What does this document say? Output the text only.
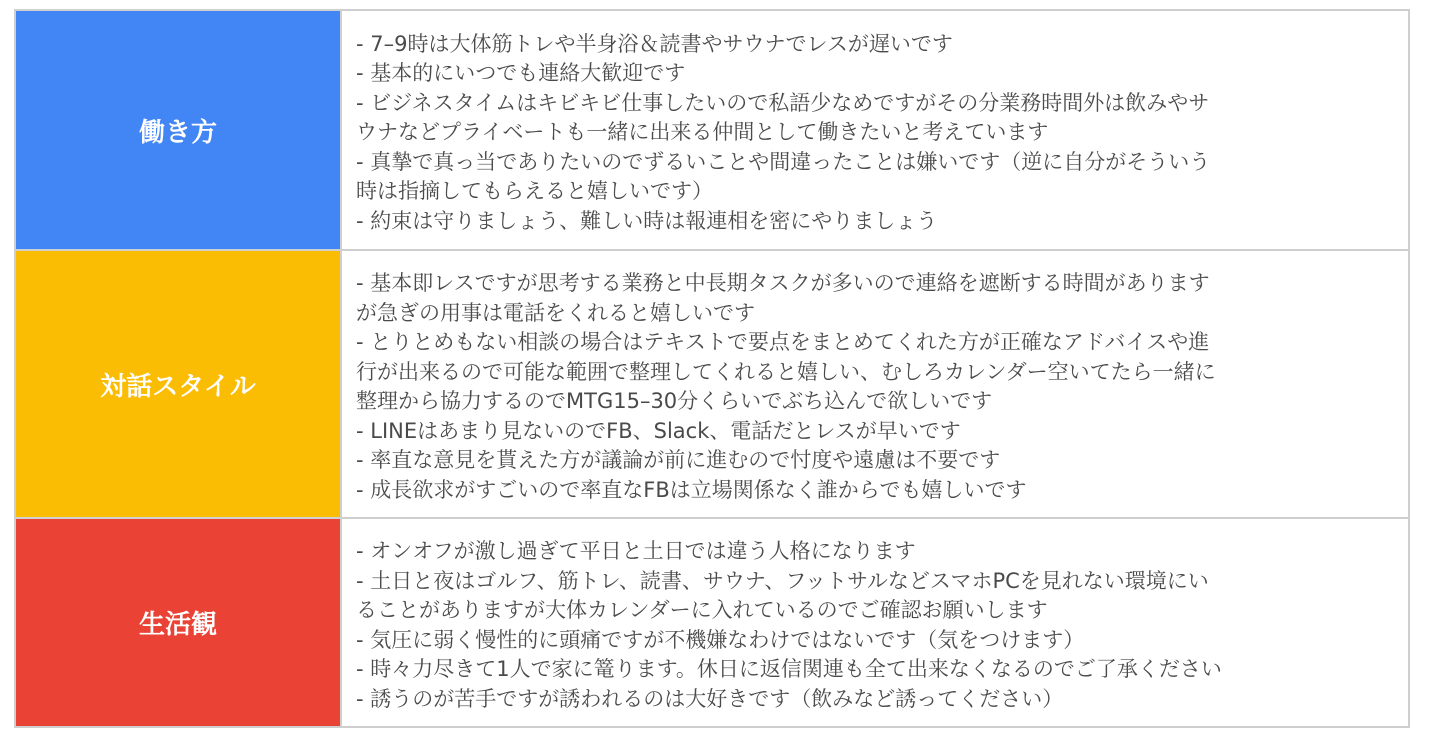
働き方
- 7–9時は大体筋トレや半身浴＆読書やサウナでレスが遅いです
- 基本的にいつでも連絡大歓迎です
- ビジネスタイムはキビキビ仕事したいので私語少なめですがその分業務時間外は飲みやサ
ウナなどプライベートも一緒に出来る仲間として働きたいと考えています
- 真摯で真っ当でありたいのでずるいことや間違ったことは嫌いです（逆に自分がそういう
時は指摘してもらえると嬉しいです）
- 約束は守りましょう、難しい時は報連相を密にやりましょう
対話スタイル
- 基本即レスですが思考する業務と中長期タスクが多いので連絡を遮断する時間があります
が急ぎの用事は電話をくれると嬉しいです
- とりとめもない相談の場合はテキストで要点をまとめてくれた方が正確なアドバイスや進
行が出来るので可能な範囲で整理してくれると嬉しい、むしろカレンダー空いてたら一緒に
整理から協力するのでMTG15–30分くらいでぶち込んで欲しいです
- LINEはあまり見ないのでFB、Slack、電話だとレスが早いです
- 率直な意見を貰えた方が議論が前に進むので忖度や遠慮は不要です
- 成長欲求がすごいので率直なFBは立場関係なく誰からでも嬉しいです
生活観
- オンオフが激し過ぎて平日と土日では違う人格になります
- 土日と夜はゴルフ、筋トレ、読書、サウナ、フットサルなどスマホPCを見れない環境にい
ることがありますが大体カレンダーに入れているのでご確認お願いします
- 気圧に弱く慢性的に頭痛ですが不機嫌なわけではないです（気をつけます）
- 時々力尽きて1人で家に篭ります。休日に返信関連も全て出来なくなるのでご了承ください
- 誘うのが苦手ですが誘われるのは大好きです（飲みなど誘ってください）
